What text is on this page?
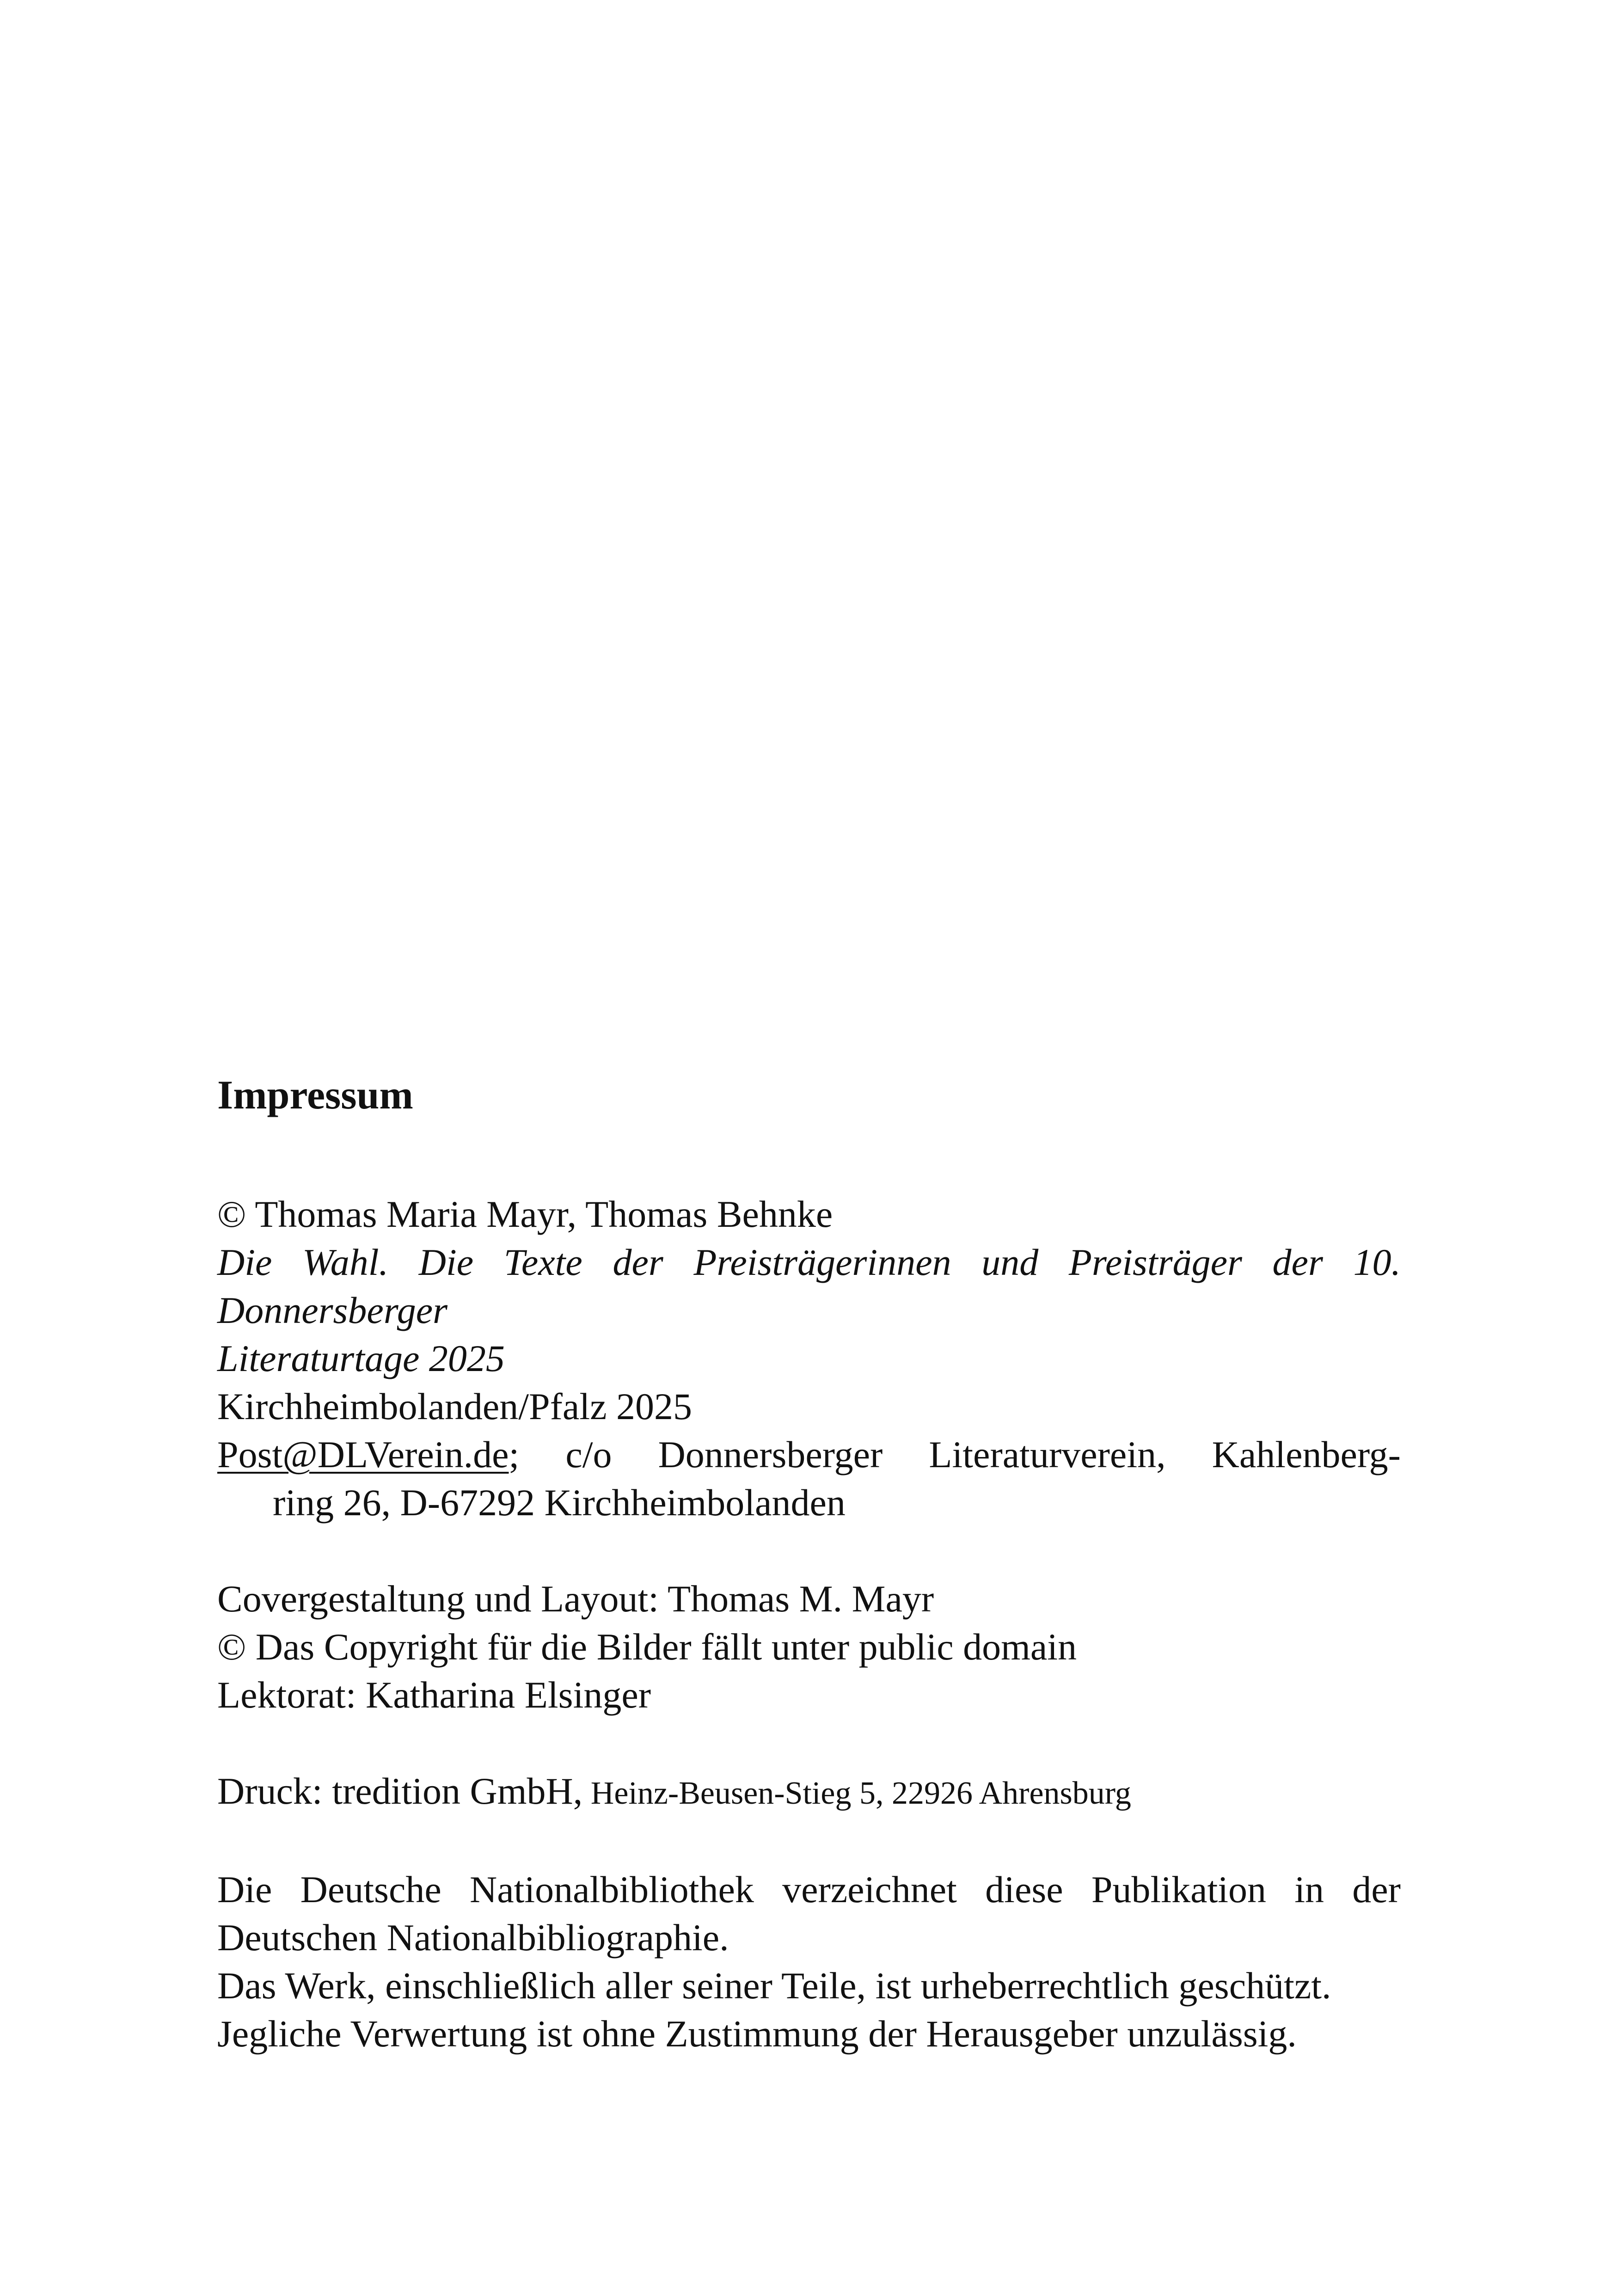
Impressum
© Thomas Maria Mayr, Thomas Behnke
Die Wahl. Die Texte der Preisträgerinnen und Preisträger der 10. Donnersberger
Literaturtage 2025
Kirchheimbolanden/Pfalz 2025
Post@DLVerein.de; c/o Donnersberger Literaturverein, Kahlenberg-
ring 26, D-67292 Kirchheimbolanden
Covergestaltung und Layout: Thomas M. Mayr
© Das Copyright für die Bilder fällt unter public domain
Lektorat: Katharina Elsinger
Druck: tredition GmbH, Heinz-Beusen-Stieg 5, 22926 Ahrensburg
Die Deutsche Nationalbibliothek verzeichnet diese Publikation in der
Deutschen Nationalbibliographie.
Das Werk, einschließlich aller seiner Teile, ist urheberrechtlich geschützt.
Jegliche Verwertung ist ohne Zustimmung der Herausgeber unzulässig.
